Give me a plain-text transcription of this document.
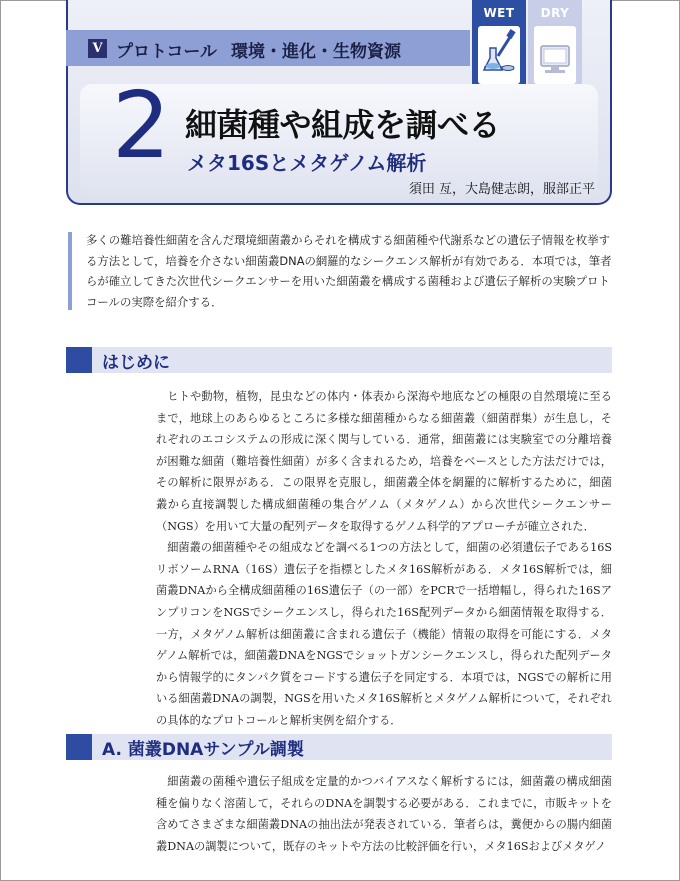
V プロトコール 環境・進化・生物資源
WET	DRY
2 細菌種や組成を調べる
メタ16Sとメタゲノム解析
須田 亙，大島健志朗，服部正平

多くの難培養性細菌を含んだ環境細菌叢からそれを構成する細菌種や代謝系などの遺伝子情報を枚挙する方法として，培養を介さない細菌叢DNAの網羅的なシークエンス解析が有効である．本項では，筆者らが確立してきた次世代シークエンサーを用いた細菌叢を構成する菌種および遺伝子解析の実験プロトコールの実際を紹介する．

はじめに

ヒトや動物，植物，昆虫などの体内・体表から深海や地底などの極限の自然環境に至るまで，地球上のあらゆるところに多様な細菌種からなる細菌叢（細菌群集）が生息し，それぞれのエコシステムの形成に深く関与している．通常，細菌叢には実験室での分離培養が困難な細菌（難培養性細菌）が多く含まれるため，培養をベースとした方法だけでは，その解析に限界がある．この限界を克服し，細菌叢全体を網羅的に解析するために，細菌叢から直接調製した構成細菌種の集合ゲノム（メタゲノム）から次世代シークエンサー（NGS）を用いて大量の配列データを取得するゲノム科学的アプローチが確立された．

細菌叢の細菌種やその組成などを調べる1つの方法として，細菌の必須遺伝子である16SリボソームRNA（16S）遺伝子を指標としたメタ16S解析がある．メタ16S解析では，細菌叢DNAから全構成細菌種の16S遺伝子（の一部）をPCRで一括増幅し，得られた16SアンプリコンをNGSでシークエンスし，得られた16S配列データから細菌情報を取得する．一方，メタゲノム解析は細菌叢に含まれる遺伝子（機能）情報の取得を可能にする．メタゲノム解析では，細菌叢DNAをNGSでショットガンシークエンスし，得られた配列データから情報学的にタンパク質をコードする遺伝子を同定する．本項では，NGSでの解析に用いる細菌叢DNAの調製，NGSを用いたメタ16S解析とメタゲノム解析について，それぞれの具体的なプロトコールと解析実例を紹介する．

A. 菌叢DNAサンプル調製

細菌叢の菌種や遺伝子組成を定量的かつバイアスなく解析するには，細菌叢の構成細菌種を偏りなく溶菌して，それらのDNAを調製する必要がある．これまでに，市販キットを含めてさまざまな細菌叢DNAの抽出法が発表されている．筆者らは，糞便からの腸内細菌叢DNAの調製について，既存のキットや方法の比較評価を行い，メタ16Sおよびメタゲノ
